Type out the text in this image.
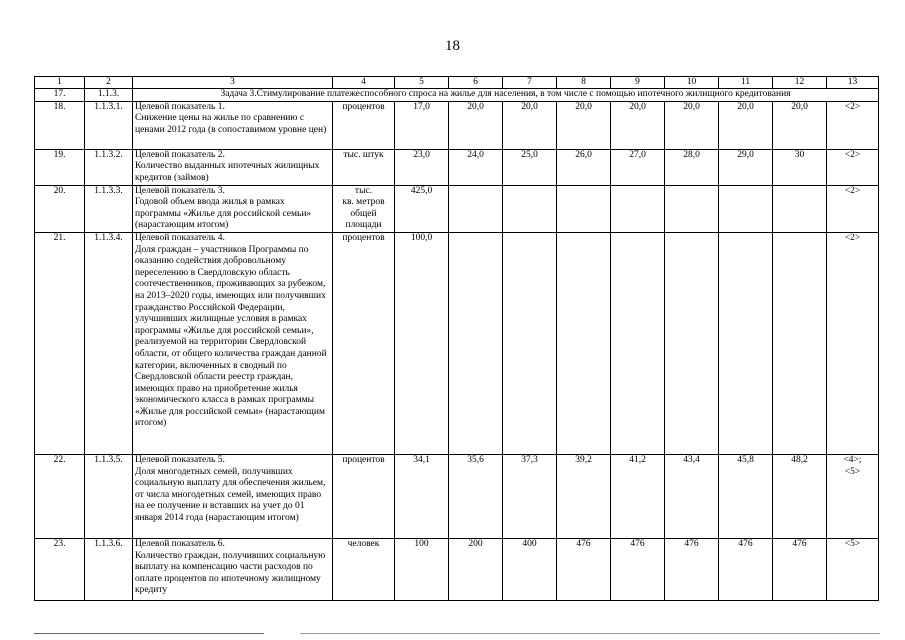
18
1	2	3	4	5	6	7	8	9	10	11	12	13
17.	1.1.3.	Задача 3.Стимулирование платежеспособного спроса на жилье для населения, в том числе с помощью ипотечного жилищного кредитования										
18.	1.1.3.1.	Целевой показатель 1.
Снижение цены на жилье по сравнению с ценами 2012 года (в сопоставимом уровне цен)	процентов	17,0	20,0	20,0	20,0	20,0	20,0	20,0	20,0	<2>
19.	1.1.3.2.	Целевой показатель 2.
Количество выданных ипотечных жилищных кредитов (займов)	тыс. штук	23,0	24,0	25,0	26,0	27,0	28,0	29,0	30	<2>
20.	1.1.3.3.	Целевой показатель 3.
Годовой объем ввода жилья в рамках программы «Жилье для российской семьи» (нарастающим итогом)	тыс.
кв. метров
общей
площади	425,0								<2>
21.	1.1.3.4.	Целевой показатель 4.
Доля граждан – участников Программы по оказанию содействия добровольному переселению в Свердловскую область соотечественников, проживающих за рубежом, на 2013–2020 годы, имеющих или получивших гражданство Российской Федерации, улучшивших жилищные условия в рамках программы «Жилье для российской семьи», реализуемой на территории Свердловской области, от общего количества граждан данной категории, включенных в сводный по Свердловской области реестр граждан, имеющих право на приобретение жилья экономического класса в рамках программы «Жилье для российской семьи» (нарастающим итогом)	процентов	100,0								<2>
22.	1.1.3.5.	Целевой показатель 5.
Доля многодетных семей, получивших социальную выплату для обеспечения жильем, от числа многодетных семей, имеющих право на ее получение и вставших на учет до 01 января 2014 года (нарастающим итогом)	процентов	34,1	35,6	37,3	39,2	41,2	43,4	45,8	48,2	<4>;
<5>
23.	1.1.3.6.	Целевой показатель 6.
Количество граждан, получивших социальную выплату на компенсацию части расходов по оплате процентов по ипотечному жилищному кредиту	человек	100	200	400	476	476	476	476	476	<5>
